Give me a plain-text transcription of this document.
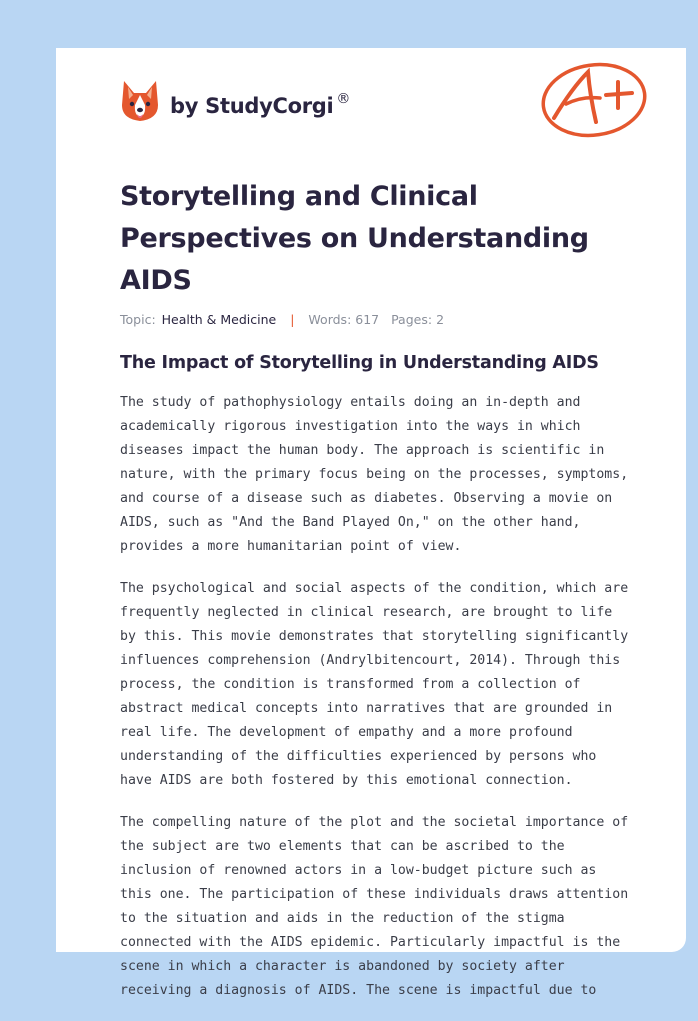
by StudyCorgi ®
Storytelling and Clinical Perspectives on Understanding AIDS
Topic: Health & Medicine | Words: 617 Pages: 2
The Impact of Storytelling in Understanding AIDS

The study of pathophysiology entails doing an in-depth and academically rigorous investigation into the ways in which diseases impact the human body. The approach is scientific in nature, with the primary focus being on the processes, symptoms, and course of a disease such as diabetes. Observing a movie on AIDS, such as "And the Band Played On," on the other hand, provides a more humanitarian point of view.

The psychological and social aspects of the condition, which are frequently neglected in clinical research, are brought to life by this. This movie demonstrates that storytelling significantly influences comprehension (Andrylbitencourt, 2014). Through this process, the condition is transformed from a collection of abstract medical concepts into narratives that are grounded in real life. The development of empathy and a more profound understanding of the difficulties experienced by persons who have AIDS are both fostered by this emotional connection.

The compelling nature of the plot and the societal importance of the subject are two elements that can be ascribed to the inclusion of renowned actors in a low-budget picture such as this one. The participation of these individuals draws attention to the situation and aids in the reduction of the stigma connected with the AIDS epidemic. Particularly impactful is the scene in which a character is abandoned by society after receiving a diagnosis of AIDS. The scene is impactful due to
